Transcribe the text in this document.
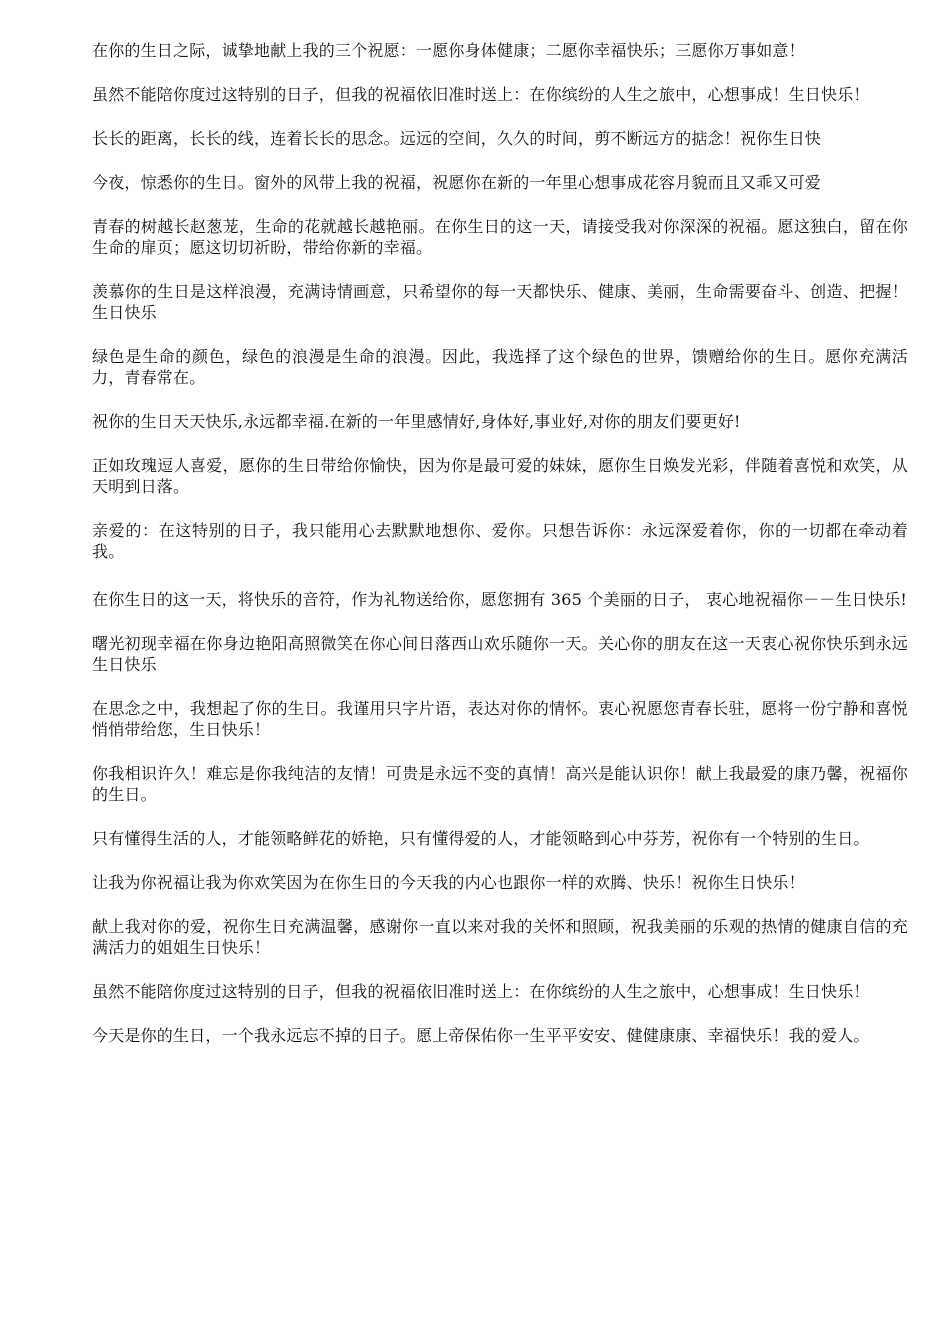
在你的生日之际，诚挚地献上我的三个祝愿：一愿你身体健康；二愿你幸福快乐；三愿你万事如意！

虽然不能陪你度过这特别的日子，但我的祝福依旧准时送上：在你缤纷的人生之旅中，心想事成！生日快乐！

长长的距离，长长的线，连着长长的思念。远远的空间，久久的时间，剪不断远方的掂念！祝你生日快

今夜，惊悉你的生日。窗外的风带上我的祝福，祝愿你在新的一年里心想事成花容月貌而且又乖又可爱

青春的树越长赵葱茏，生命的花就越长越艳丽。在你生日的这一天，请接受我对你深深的祝福。愿这独白，留在你生命的扉页；愿这切切祈盼，带给你新的幸福。

羡慕你的生日是这样浪漫，充满诗情画意，只希望你的每一天都快乐、健康、美丽，生命需要奋斗、创造、把握！生日快乐

绿色是生命的颜色，绿色的浪漫是生命的浪漫。因此，我选择了这个绿色的世界，馈赠给你的生日。愿你充满活力，青春常在。

祝你的生日天天快乐,永远都幸福.在新的一年里感情好,身体好,事业好,对你的朋友们要更好!

正如玫瑰逗人喜爱，愿你的生日带给你愉快，因为你是最可爱的妹妹，愿你生日焕发光彩，伴随着喜悦和欢笑，从天明到日落。

亲爱的：在这特别的日子，我只能用心去默默地想你、爱你。只想告诉你：永远深爱着你，你的一切都在牵动着我。

在你生日的这一天，将快乐的音符，作为礼物送给你，愿您拥有 365 个美丽的日子， 衷心地祝福你－－生日快乐!

曙光初现幸福在你身边艳阳高照微笑在你心间日落西山欢乐随你一天。关心你的朋友在这一天衷心祝你快乐到永远生日快乐

在思念之中，我想起了你的生日。我谨用只字片语，表达对你的情怀。衷心祝愿您青春长驻，愿将一份宁静和喜悦悄悄带给您，生日快乐！

你我相识许久！难忘是你我纯洁的友情！可贵是永远不变的真情！高兴是能认识你！献上我最爱的康乃馨，祝福你的生日。

只有懂得生活的人，才能领略鲜花的娇艳，只有懂得爱的人，才能领略到心中芬芳，祝你有一个特别的生日。

让我为你祝福让我为你欢笑因为在你生日的今天我的内心也跟你一样的欢腾、快乐！祝你生日快乐！

献上我对你的爱，祝你生日充满温馨，感谢你一直以来对我的关怀和照顾，祝我美丽的乐观的热情的健康自信的充满活力的姐姐生日快乐！

虽然不能陪你度过这特别的日子，但我的祝福依旧准时送上：在你缤纷的人生之旅中，心想事成！生日快乐！

今天是你的生日，一个我永远忘不掉的日子。愿上帝保佑你一生平平安安、健健康康、幸福快乐！我的爱人。
